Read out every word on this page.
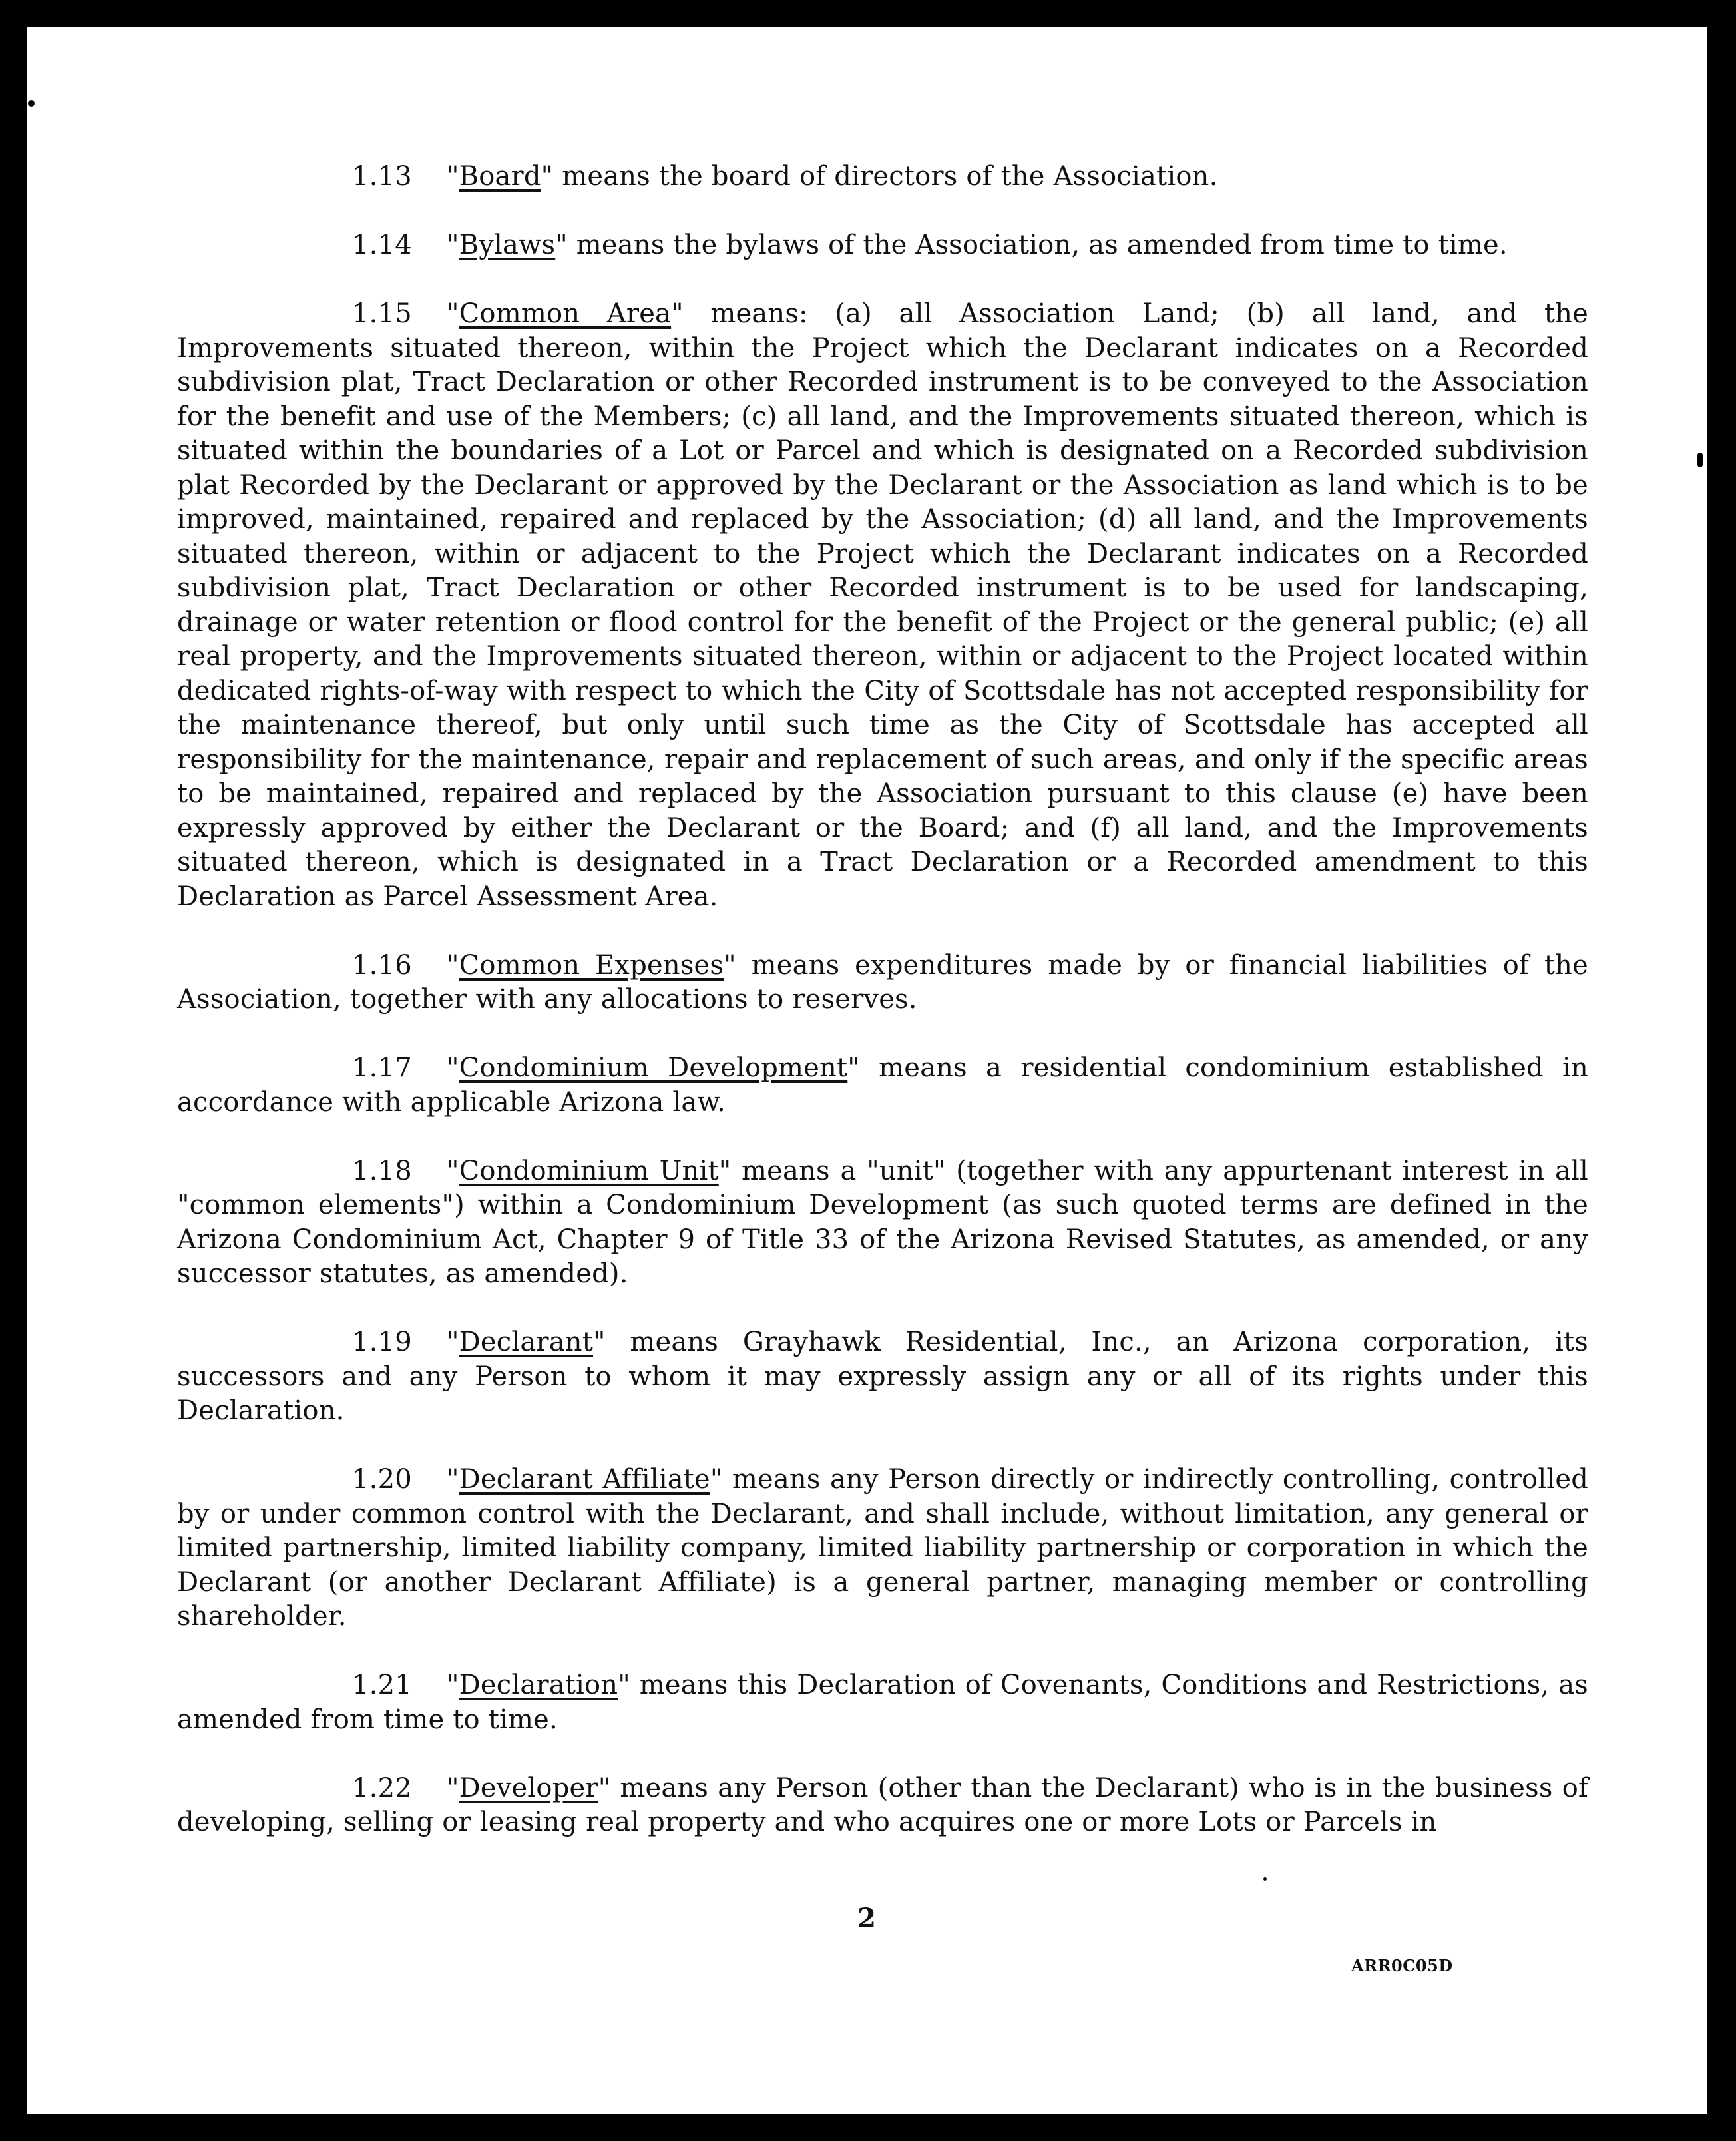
1.13 "Board" means the board of directors of the Association.

1.14 "Bylaws" means the bylaws of the Association, as amended from time to time.

1.15 "Common Area" means: (a) all Association Land; (b) all land, and the Improvements situated thereon, within the Project which the Declarant indicates on a Recorded subdivision plat, Tract Declaration or other Recorded instrument is to be conveyed to the Association for the benefit and use of the Members; (c) all land, and the Improvements situated thereon, which is situated within the boundaries of a Lot or Parcel and which is designated on a Recorded subdivision plat Recorded by the Declarant or approved by the Declarant or the Association as land which is to be improved, maintained, repaired and replaced by the Association; (d) all land, and the Improvements situated thereon, within or adjacent to the Project which the Declarant indicates on a Recorded subdivision plat, Tract Declaration or other Recorded instrument is to be used for landscaping, drainage or water retention or flood control for the benefit of the Project or the general public; (e) all real property, and the Improvements situated thereon, within or adjacent to the Project located within dedicated rights-of-way with respect to which the City of Scottsdale has not accepted responsibility for the maintenance thereof, but only until such time as the City of Scottsdale has accepted all responsibility for the maintenance, repair and replacement of such areas, and only if the specific areas to be maintained, repaired and replaced by the Association pursuant to this clause (e) have been expressly approved by either the Declarant or the Board; and (f) all land, and the Improvements situated thereon, which is designated in a Tract Declaration or a Recorded amendment to this Declaration as Parcel Assessment Area.

1.16 "Common Expenses" means expenditures made by or financial liabilities of the Association, together with any allocations to reserves.

1.17 "Condominium Development" means a residential condominium established in accordance with applicable Arizona law.

1.18 "Condominium Unit" means a "unit" (together with any appurtenant interest in all "common elements") within a Condominium Development (as such quoted terms are defined in the Arizona Condominium Act, Chapter 9 of Title 33 of the Arizona Revised Statutes, as amended, or any successor statutes, as amended).

1.19 "Declarant" means Grayhawk Residential, Inc., an Arizona corporation, its successors and any Person to whom it may expressly assign any or all of its rights under this Declaration.

1.20 "Declarant Affiliate" means any Person directly or indirectly controlling, controlled by or under common control with the Declarant, and shall include, without limitation, any general or limited partnership, limited liability company, limited liability partnership or corporation in which the Declarant (or another Declarant Affiliate) is a general partner, managing member or controlling shareholder.

1.21 "Declaration" means this Declaration of Covenants, Conditions and Restrictions, as amended from time to time.

1.22 "Developer" means any Person (other than the Declarant) who is in the business of developing, selling or leasing real property and who acquires one or more Lots or Parcels in

2
ARR0C05D
